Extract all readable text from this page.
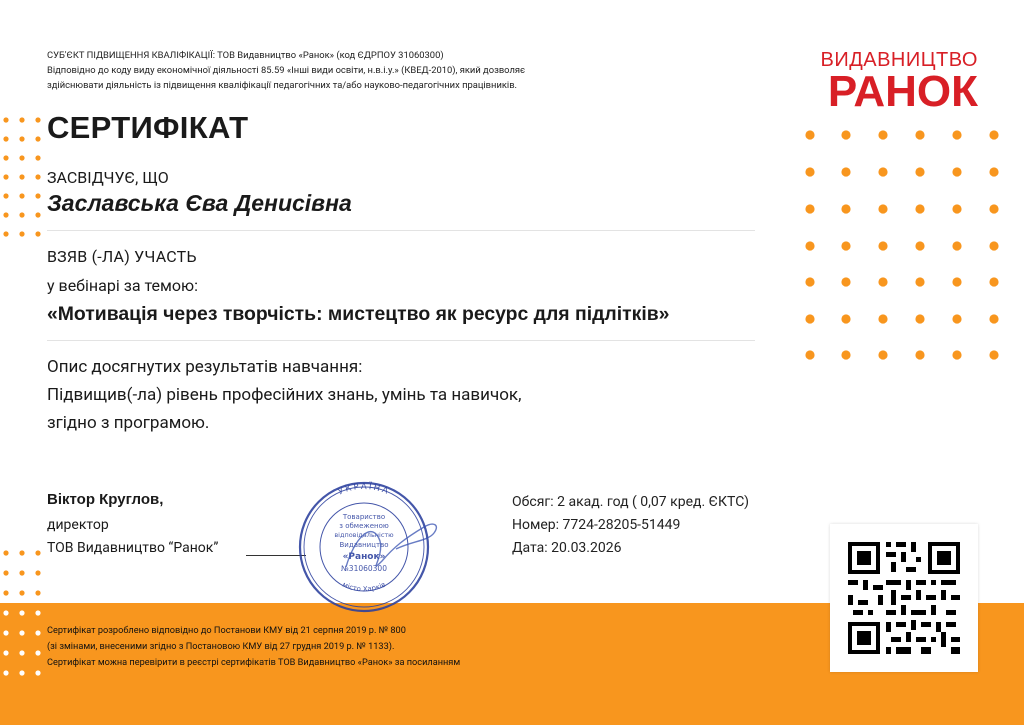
СУБ'ЄКТ ПІДВИЩЕННЯ КВАЛІФІКАЦІЇ: ТОВ Видавництво «Ранок» (код ЄДРПОУ 31060300)
Відповідно до коду виду економічної діяльності 85.59 «Інші види освіти, н.в.і.у.» (КВЕД-2010), який дозволяє
здійснювати діяльність із підвищення кваліфікації педагогічних та/або науково-педагогічних працівників.
ВИДАВНИЦТВО
РАНОК
СЕРТИФІКАТ
ЗАСВІДЧУЄ, ЩО
Заславська Єва Денисівна
ВЗЯВ (-ЛА) УЧАСТЬ
у вебінарі за темою:
«Мотивація через творчість: мистецтво як ресурс для підлітків»
Опис досягнутих результатів навчання:
Підвищив(-ла) рівень професійних знань, умінь та навичок,
згідно з програмою.
Віктор Круглов,
директор
ТОВ Видавництво “Ранок”
УКРАЇНА
місто Харків
Товариство
з обмеженою
відповідальністю
Видавництво
«Ранок»
№31060300
Обсяг: 2 акад. год ( 0,07 кред. ЄКТС)
Номер: 7724-28205-51449
Дата: 20.03.2026
Сертифікат розроблено відповідно до Постанови КМУ від 21 серпня 2019 р. № 800
(зі змінами, внесеними згідно з Постановою КМУ від 27 грудня 2019 р. № 1133).
Сертифікат можна перевірити в реєстрі сертифікатів ТОВ Видавництво «Ранок» за посиланням
